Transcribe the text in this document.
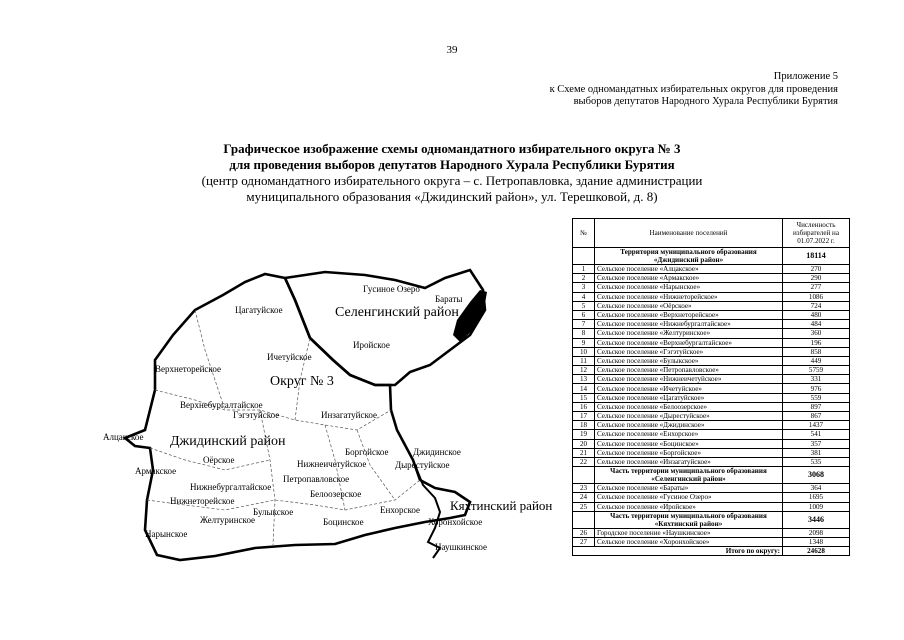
39
Приложение 5
к Схеме одномандатных избирательных округов для проведения
выборов депутатов Народного Хурала Республики Бурятия
Графическое изображение схемы одномандатного избирательного округа № 3
для проведения выборов депутатов Народного Хурала Республики Бурятия
(центр одномандатного избирательного округа – с. Петропавловка, здание администрации
муниципального образования «Джидинский район», ул. Терешковой, д. 8)
Селенгинский район
Округ № 3
Джидинский район
Кяхтинский район
Гусиное Озеро
Бараты
Иройское
Цагатуйское
Ичетуйское
Верхнеторейское
Верхнебургалтайское
Гэгэтуйское	Инзагатуйское
Алцакское
Боргойское
Оёрское	Нижнеичетуйское
Джидинское
Армакское
Дырестуйское
Нижнебургалтайское
Петропавловское
Нижнеторейское
Белоозерское
Булыкское	Енхорское
Желтуринское	Боцинское	Хоронхойское
Нарынское
Наушкинское
№	Наименование поселений	Численность избирателей на 01.07.2022 г.
	Территория муниципального образования «Джидинский район»	18114
1	Сельское поселение «Алцакское»	270
2	Сельское поселение «Армакское»	290
3	Сельское поселение «Нарынское»	277
4	Сельское поселение «Нижнеторейское»	1086
5	Сельское поселение «Оёрское»	724
6	Сельское поселение «Верхнеторейское»	480
7	Сельское поселение «Нижнебургалтайское»	484
8	Сельское поселение «Желтуринское»	360
9	Сельское поселение «Верхнебургалтайское»	196
10	Сельское поселение «Гэгэтуйское»	858
11	Сельское поселение «Булыкское»	449
12	Сельское поселение «Петропавловское»	5759
13	Сельское поселение «Нижнеичетуйское»	331
14	Сельское поселение «Ичетуйское»	976
15	Сельское поселение «Цагатуйское»	559
16	Сельское поселение «Белоозерское»	897
17	Сельское поселение «Дырестуйское»	867
18	Сельское поселение «Джидинское»	1437
19	Сельское поселение «Енхорское»	541
20	Сельское поселение «Боцинское»	357
21	Сельское поселение «Боргойское»	381
22	Сельское поселение «Инзагатуйское»	535
	Часть территории муниципального образования «Селенгинский район»	3068
23	Сельское поселение «Бараты»	364
24	Сельское поселение «Гусиное Озеро»	1695
25	Сельское поселение «Иройское»	1009
	Часть территории муниципального образования «Кяхтинский район»	3446
26	Городское поселение «Наушкинское»	2098
27	Сельское поселение «Хоронхойское»	1348
Итого по округу:		24628
